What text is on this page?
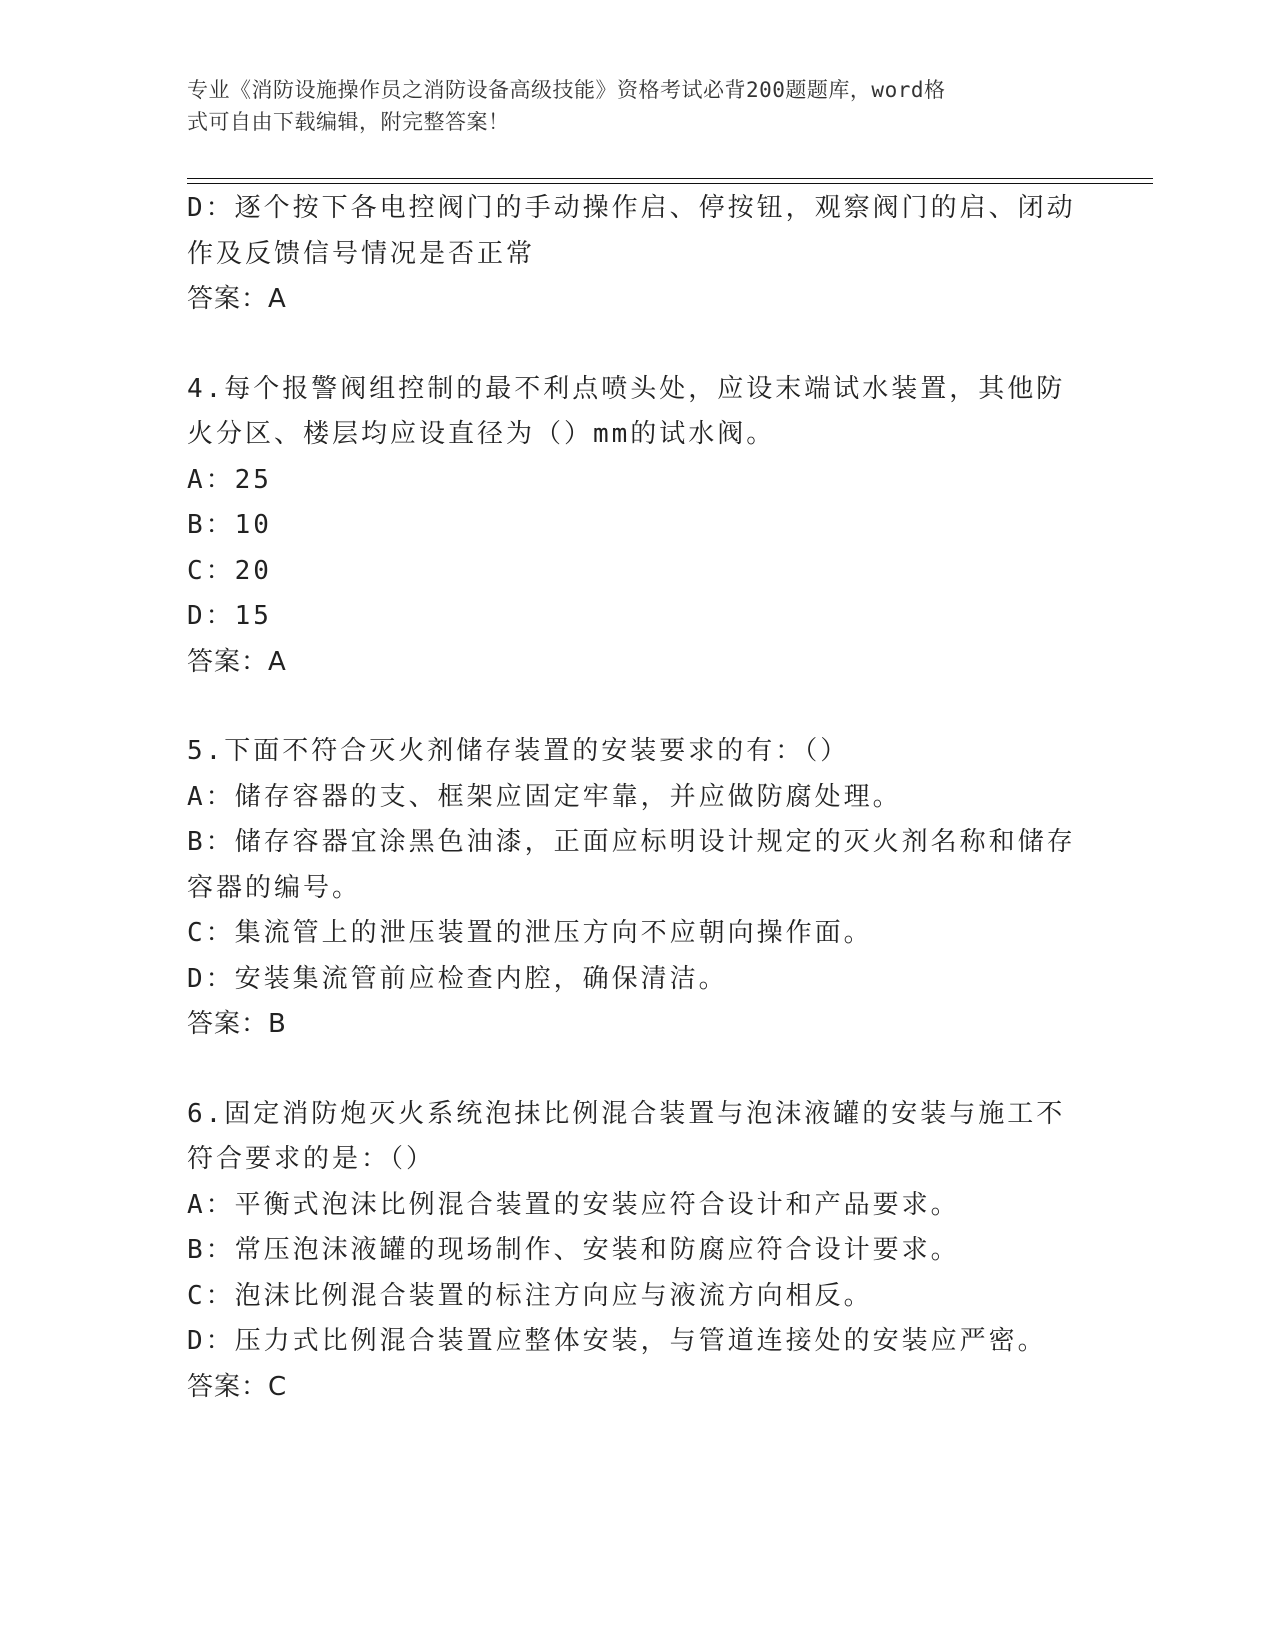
专业《消防设施操作员之消防设备高级技能》资格考试必背200题题库，word格
式可自由下载编辑，附完整答案！
D：逐个按下各电控阀门的手动操作启、停按钮，观察阀门的启、闭动
作及反馈信号情况是否正常
答案：A
4.每个报警阀组控制的最不利点喷头处，应设末端试水装置，其他防
火分区、楼层均应设直径为（）mm的试水阀。
A：25
B：10
C：20
D：15
答案：A
5.下面不符合灭火剂储存装置的安装要求的有：（）
A：储存容器的支、框架应固定牢靠，并应做防腐处理。
B：储存容器宜涂黑色油漆，正面应标明设计规定的灭火剂名称和储存
容器的编号。
C：集流管上的泄压装置的泄压方向不应朝向操作面。
D：安装集流管前应检查内腔，确保清洁。
答案：B
6.固定消防炮灭火系统泡抹比例混合装置与泡沫液罐的安装与施工不
符合要求的是：（）
A：平衡式泡沫比例混合装置的安装应符合设计和产品要求。
B：常压泡沫液罐的现场制作、安装和防腐应符合设计要求。
C：泡沫比例混合装置的标注方向应与液流方向相反。
D：压力式比例混合装置应整体安装，与管道连接处的安装应严密。
答案：C
